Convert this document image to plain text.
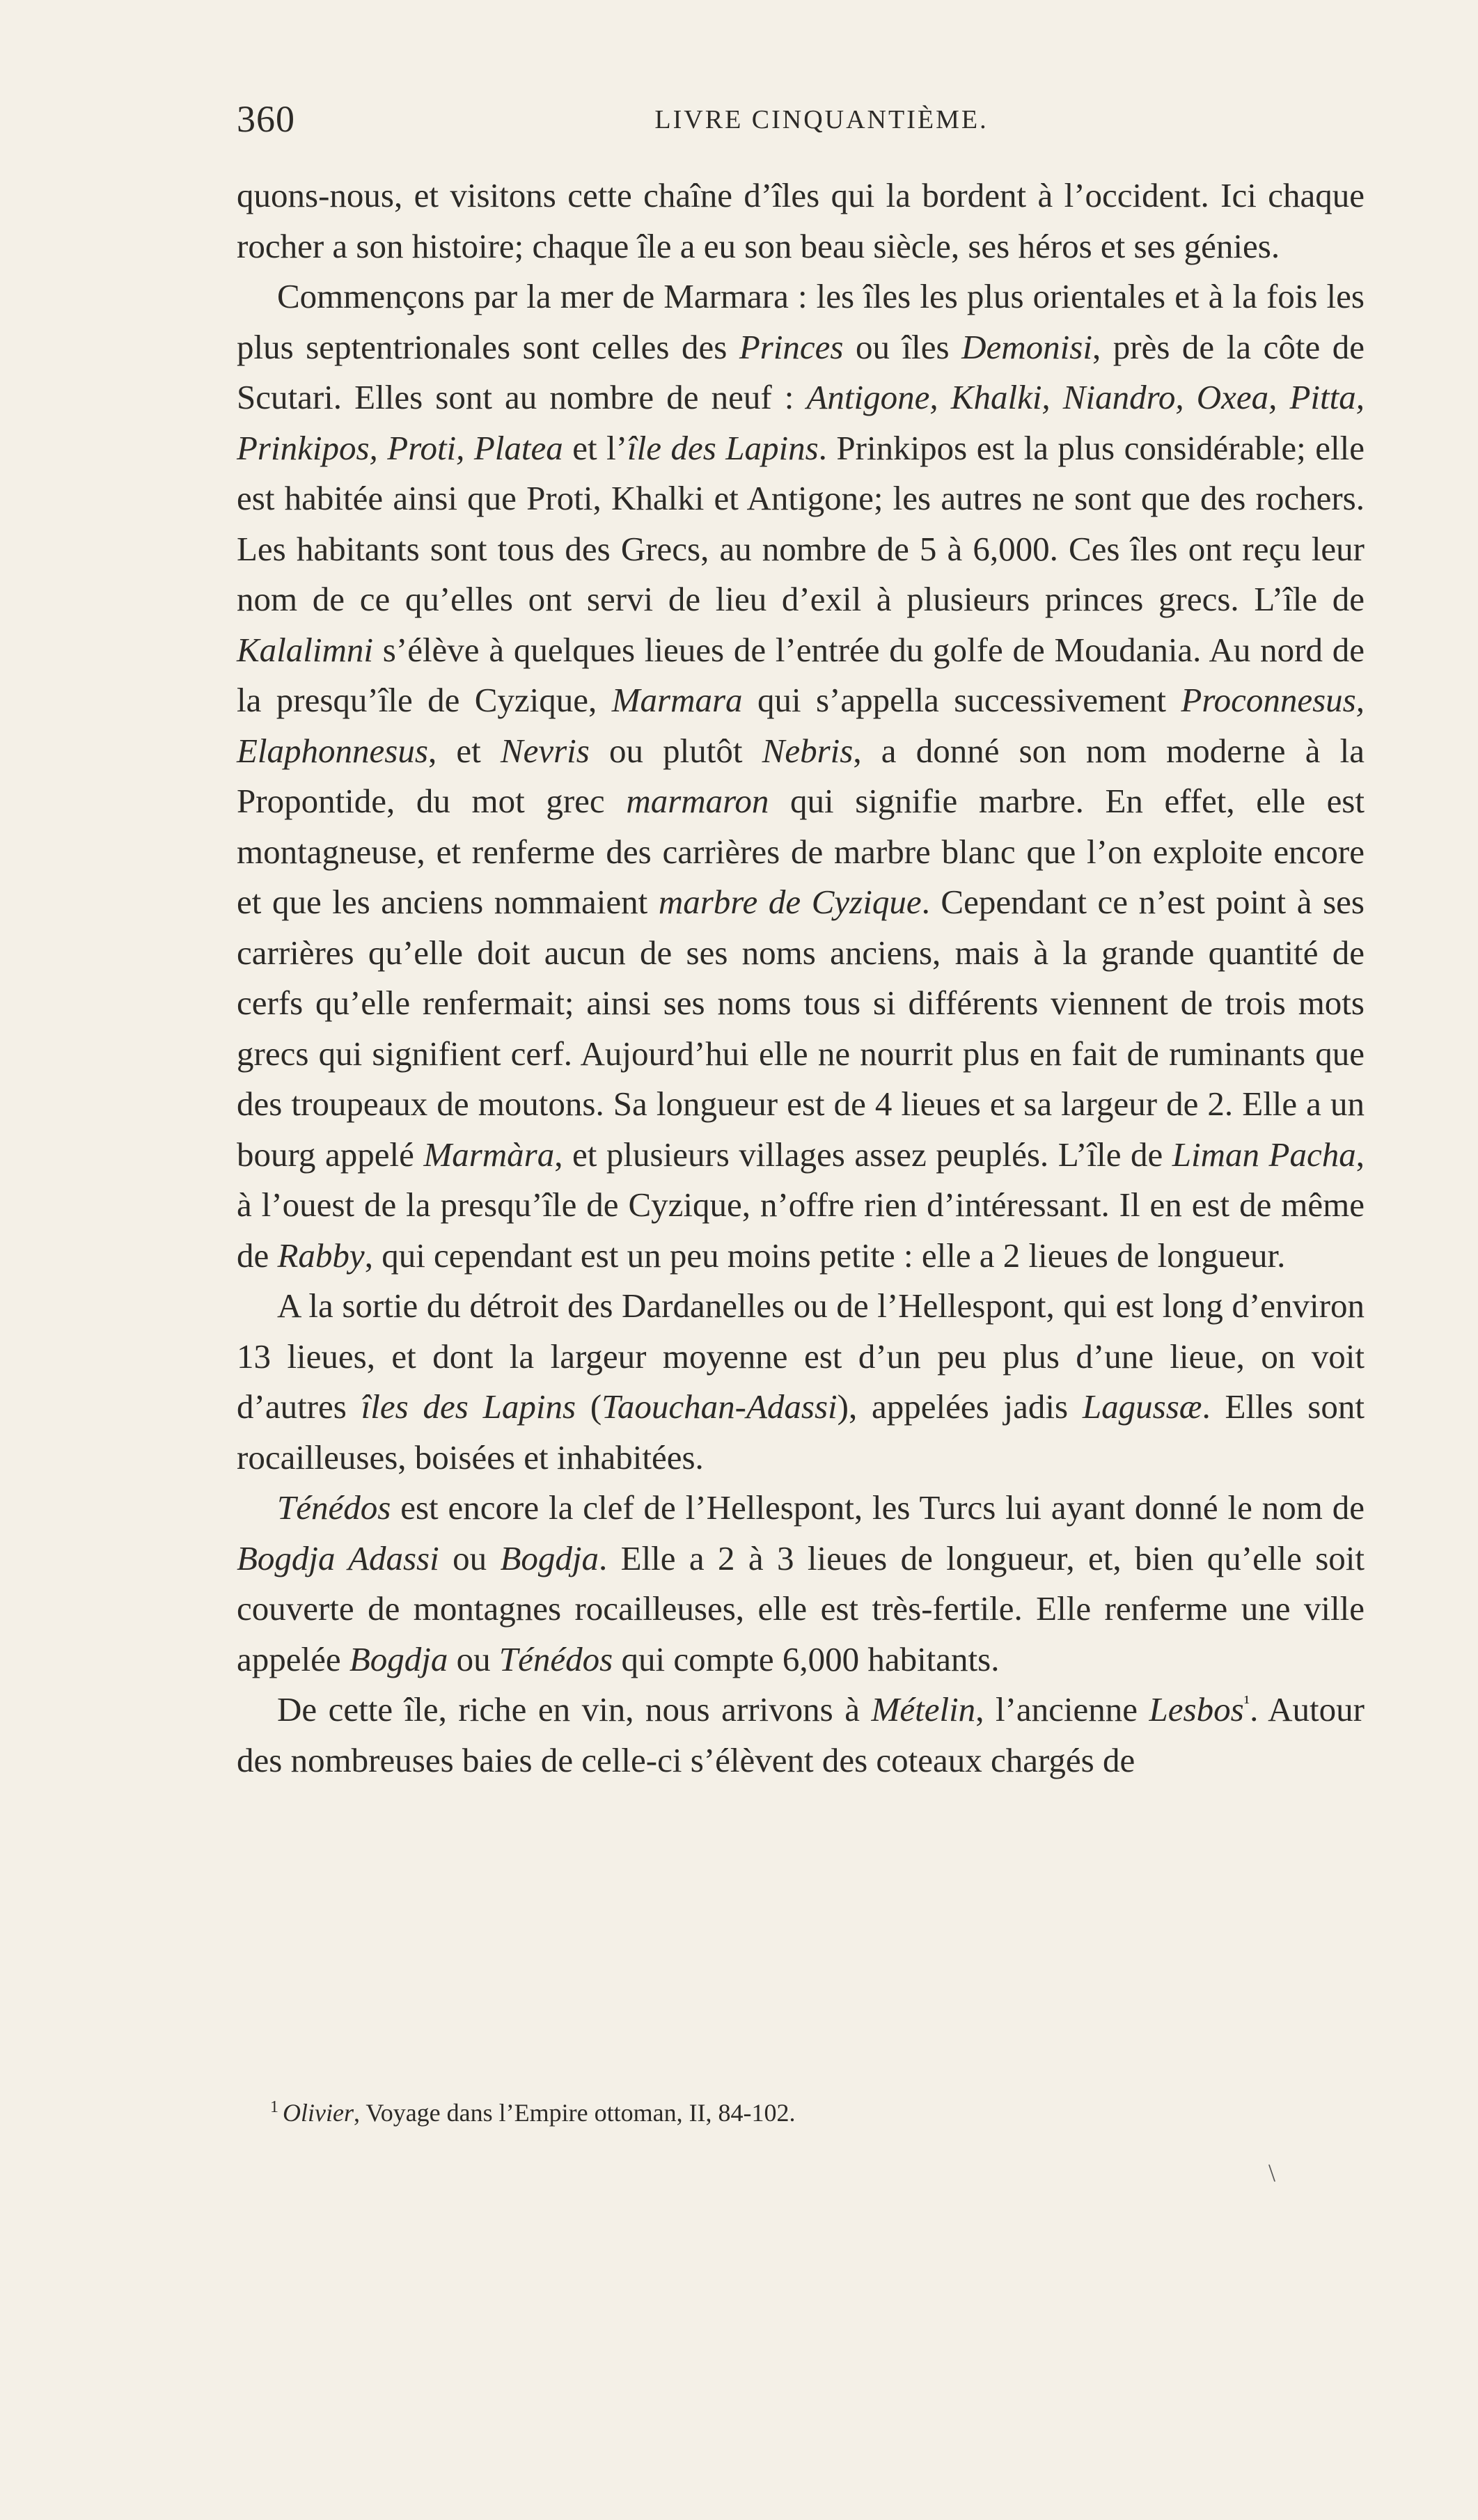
360	LIVRE CINQUANTIÈME.

quons-nous, et visitons cette chaîne d’îles qui la bordent à l’occident. Ici chaque rocher a son histoire; chaque île a eu son beau siècle, ses héros et ses génies.

Commençons par la mer de Marmara : les îles les plus orientales et à la fois les plus septentrionales sont celles des Princes ou îles Demonisi, près de la côte de Scutari. Elles sont au nombre de neuf : Antigone, Khalki, Niandro, Oxea, Pitta, Prinkipos, Proti, Platea et l’île des Lapins. Prinkipos est la plus considérable; elle est habitée ainsi que Proti, Khalki et Antigone; les autres ne sont que des rochers. Les habitants sont tous des Grecs, au nombre de 5 à 6,000. Ces îles ont reçu leur nom de ce qu’elles ont servi de lieu d’exil à plusieurs princes grecs. L’île de Kalalimni s’élève à quelques lieues de l’entrée du golfe de Moudania. Au nord de la presqu’île de Cyzique, Marmara qui s’appella successivement Proconnesus, Elaphonnesus, et Nevris ou plutôt Nebris, a donné son nom moderne à la Propontide, du mot grec marmaron qui signifie marbre. En effet, elle est montagneuse, et renferme des carrières de marbre blanc que l’on exploite encore et que les anciens nommaient marbre de Cyzique. Cependant ce n’est point à ses carrières qu’elle doit aucun de ses noms anciens, mais à la grande quantité de cerfs qu’elle renfermait; ainsi ses noms tous si différents viennent de trois mots grecs qui signifient cerf. Aujourd’hui elle ne nourrit plus en fait de ruminants que des troupeaux de moutons. Sa longueur est de 4 lieues et sa largeur de 2. Elle a un bourg appelé Marmàra, et plusieurs villages assez peuplés. L’île de Liman Pacha, à l’ouest de la presqu’île de Cyzique, n’offre rien d’intéressant. Il en est de même de Rabby, qui cependant est un peu moins petite : elle a 2 lieues de longueur.

A la sortie du détroit des Dardanelles ou de l’Hellespont, qui est long d’environ 13 lieues, et dont la largeur moyenne est d’un peu plus d’une lieue, on voit d’autres îles des Lapins (Taouchan-Adassi), appelées jadis Lagussæ. Elles sont rocailleuses, boisées et inhabitées.

Ténédos est encore la clef de l’Hellespont, les Turcs lui ayant donné le nom de Bogdja Adassi ou Bogdja. Elle a 2 à 3 lieues de longueur, et, bien qu’elle soit couverte de montagnes rocailleuses, elle est très-fertile. Elle renferme une ville appelée Bogdja ou Ténédos qui compte 6,000 habitants.

De cette île, riche en vin, nous arrivons à Mételin, l’ancienne Lesbos$^{^1}$. Autour des nombreuses baies de celle-ci s’élèvent des coteaux chargés de

$^1$ Olivier, Voyage dans l’Empire ottoman, II, 84-102.
\
